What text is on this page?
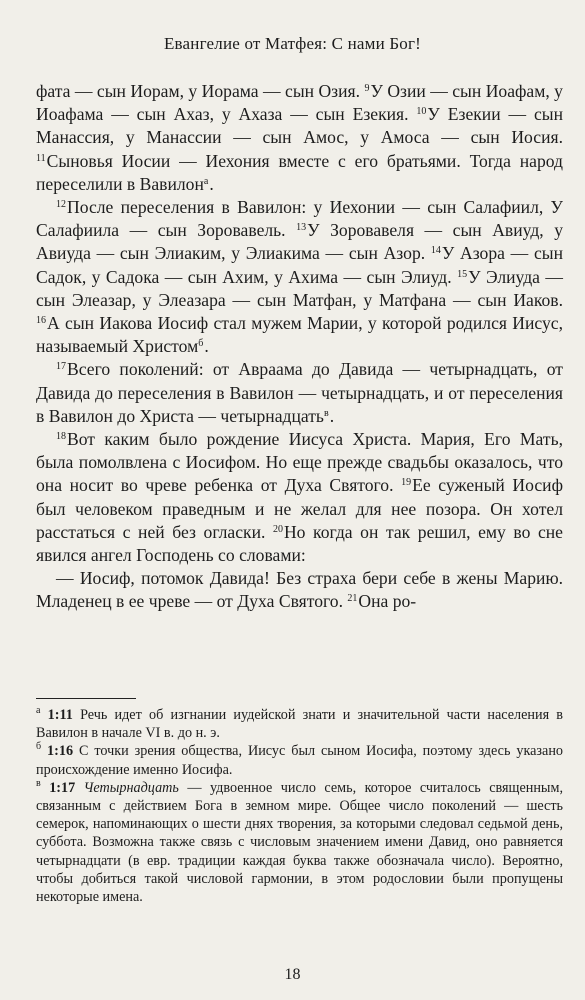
Евангелие от Матфея: С нами Бог!

фата — сын Иорам, у Иорама — сын Озия. $^9$У Озии — сын Иоафам, у Иоафама — сын Ахаз, у Ахаза — сын Езекия. $^{10}$У Езекии — сын Манассия, у Манассии — сын Амос, у Амоса — сын Иосия. $^{11}$Сыновья Иосии — Иехония вместе с его братьями. Тогда народ переселили в Вавилон$^а$.

$^{12}$После переселения в Вавилон: у Иехонии — сын Салафиил, У Салафиила — сын Зоровавель. $^{13}$У Зоровавеля — сын Авиуд, у Авиуда — сын Элиаким, у Элиакима — сын Азор. $^{14}$У Азора — сын Садок, у Садока — сын Ахим, у Ахима — сын Элиуд. $^{15}$У Элиуда — сын Элеазар, у Элеазара — сын Матфан, у Матфана — сын Иаков. $^{16}$А сын Иакова Иосиф стал мужем Марии, у которой родился Иисус, называемый Христом$^б$.

$^{17}$Всего поколений: от Авраама до Давида — четырнадцать, от Давида до переселения в Вавилон — четырнадцать, и от переселения в Вавилон до Христа — четырнадцать$^в$.

$^{18}$Вот каким было рождение Иисуса Христа. Мария, Его Мать, была помолвлена с Иосифом. Но еще прежде свадьбы оказалось, что она носит во чреве ребенка от Духа Святого. $^{19}$Ее суженый Иосиф был человеком праведным и не желал для нее позора. Он хотел расстаться с ней без огласки. $^{20}$Но когда он так решил, ему во сне явился ангел Господень со словами:

— Иосиф, потомок Давида! Без страха бери себе в жены Марию. Младенец в ее чреве — от Духа Святого. $^{21}$Она ро-

$^а$ 1:11 Речь идет об изгнании иудейской знати и значительной части населения в Вавилон в начале VI в. до н. э.

$^б$ 1:16 С точки зрения общества, Иисус был сыном Иосифа, поэтому здесь указано происхождение именно Иосифа.

$^в$ 1:17 Четырнадцать — удвоенное число семь, которое считалось священным, связанным с действием Бога в земном мире. Общее число поколений — шесть семерок, напоминающих о шести днях творения, за которыми следовал седьмой день, суббота. Возможна также связь с числовым значением имени Давид, оно равняется четырнадцати (в евр. традиции каждая буква также обозначала число). Вероятно, чтобы добиться такой числовой гармонии, в этом родословии были пропущены некоторые имена.

18
